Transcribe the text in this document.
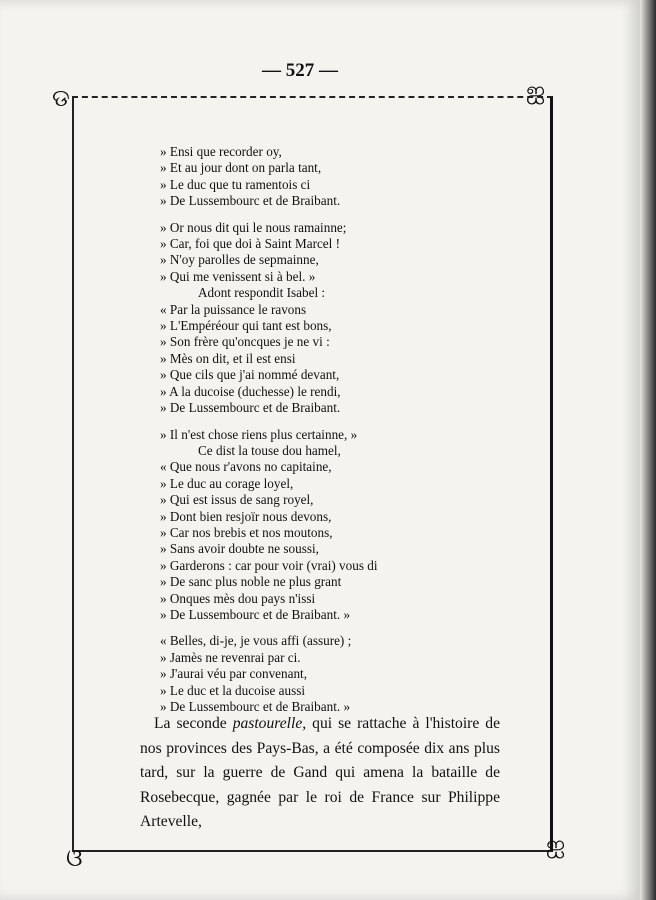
— 527 —
ଡ	ஐ
ଓ	ஐ
» Ensi que recorder oy,
» Et au jour dont on parla tant,
» Le duc que tu ramentois ci
» De Lussembourc et de Braibant.
» Or nous dit qui le nous ramainne;
» Car, foi que doi à Saint Marcel !
» N'oy parolles de sepmainne,
» Qui me venissent si à bel. »
Adont respondit Isabel :
« Par la puissance le ravons
» L'Empéréour qui tant est bons,
» Son frère qu'oncques je ne vi :
» Mès on dit, et il est ensi
» Que cils que j'ai nommé devant,
» A la ducoise (duchesse) le rendi,
» De Lussembourc et de Braibant.
» Il n'est chose riens plus certainne, »
Ce dist la touse dou hamel,
« Que nous r'avons no capitaine,
» Le duc au corage loyel,
» Qui est issus de sang royel,
» Dont bien resjoïr nous devons,
» Car nos brebis et nos moutons,
» Sans avoir doubte ne soussi,
» Garderons : car pour voir (vrai) vous di
» De sanc plus noble ne plus grant
» Onques mès dou pays n'issi
» De Lussembourc et de Braibant. »
« Belles, di-je, je vous affi (assure) ;
» Jamès ne revenrai par ci.
» J'aurai véu par convenant,
» Le duc et la ducoise aussi
» De Lussembourc et de Braibant. »

La seconde pastourelle, qui se rattache à l'histoire de nos provinces des Pays-Bas, a été composée dix ans plus tard, sur la guerre de Gand qui amena la bataille de Rosebecque, gagnée par le roi de France sur Philippe Artevelle,
